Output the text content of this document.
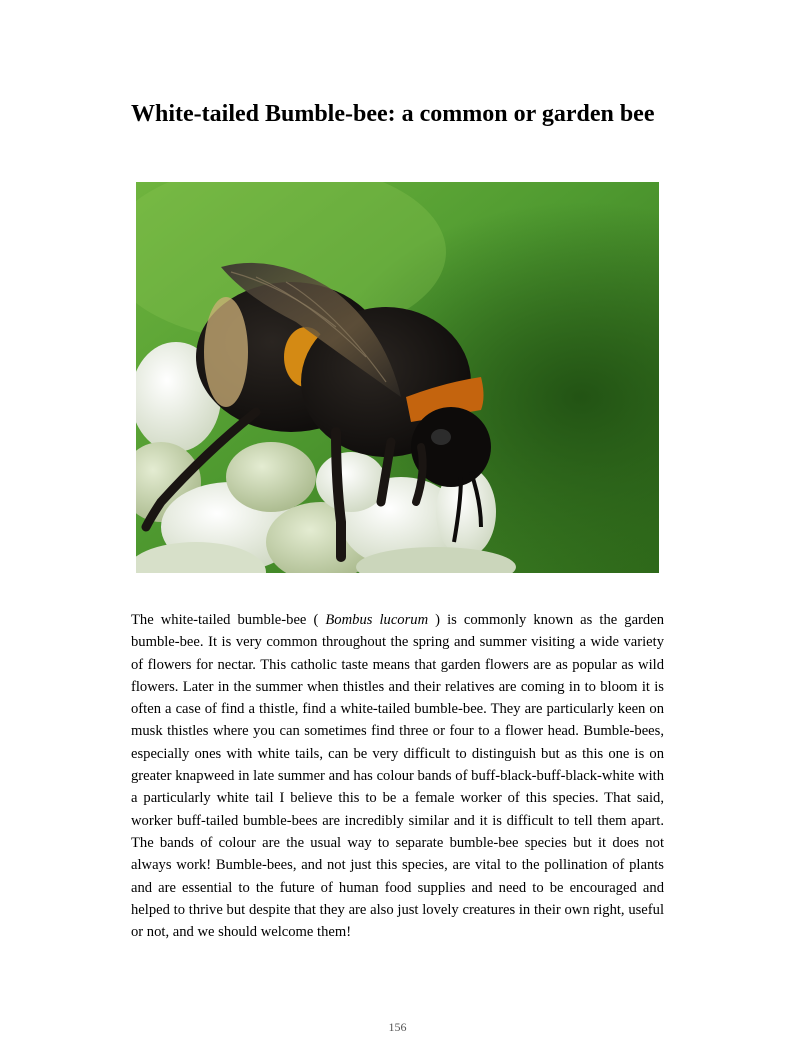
White-tailed Bumble-bee: a common or garden bee

The white-tailed bumble-bee ( Bombus lucorum ) is commonly known as the garden bumble-bee. It is very common throughout the spring and summer visiting a wide variety of flowers for nectar. This catholic taste means that garden flowers are as popular as wild flowers. Later in the summer when thistles and their relatives are coming in to bloom it is often a case of find a thistle, find a white-tailed bumble-bee. They are particularly keen on musk thistles where you can sometimes find three or four to a flower head. Bumble-bees, especially ones with white tails, can be very difficult to distinguish but as this one is on greater knapweed in late summer and has colour bands of buff-black-buff-black-white with a particularly white tail I believe this to be a female worker of this species. That said, worker buff-tailed bumble-bees are incredibly similar and it is difficult to tell them apart. The bands of colour are the usual way to separate bumble-bee species but it does not always work! Bumble-bees, and not just this species, are vital to the pollination of plants and are essential to the future of human food supplies and need to be encouraged and helped to thrive but despite that they are also just lovely creatures in their own right, useful or not, and we should welcome them!

156
